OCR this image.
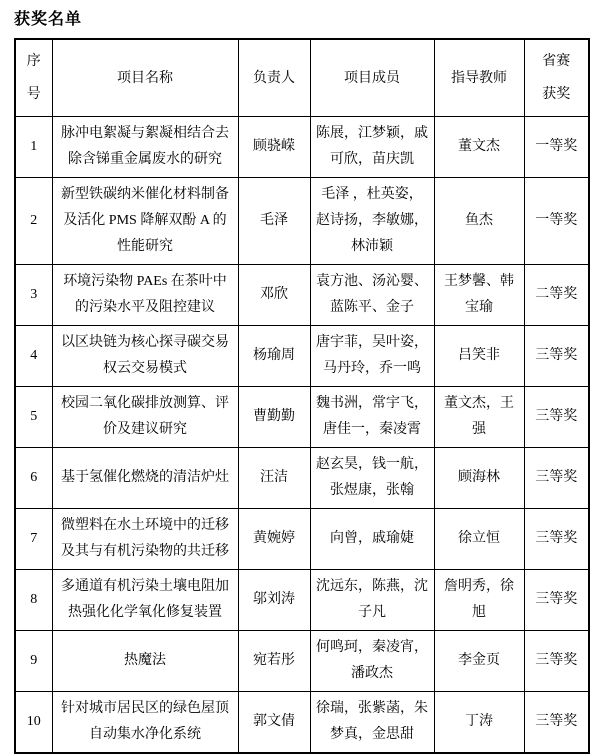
获奖名单
序号	项目名称	负责人	项目成员	指导教师	省赛获奖
1	脉冲电絮凝与絮凝相结合去除含锑重金属废水的研究	顾骁嵘	陈展，江梦颖，戚可欣，苗庆凯	董文杰	一等奖
2	新型铁碳纳米催化材料制备及活化 PMS 降解双酚 A 的性能研究	毛泽	毛泽 ，杜英姿，赵诗扬，李敏娜，林沛颖	鱼杰	一等奖
3	环境污染物 PAEs 在茶叶中的污染水平及阻控建议	邓欣	袁方池、汤沁婴、蓝陈平、金子	王梦馨、韩宝瑜	二等奖
4	以区块链为核心探寻碳交易权云交易模式	杨瑜周	唐宇菲，吴叶姿，马丹玲，乔一鸣	吕笑非	三等奖
5	校园二氧化碳排放测算、评价及建议研究	曹勤勤	魏书洲，常宇飞，唐佳一，秦凌霄	董文杰，王强	三等奖
6	基于氢催化燃烧的清洁炉灶	汪洁	赵玄昊，钱一航，张煜康，张翰	顾海林	三等奖
7	微塑料在水土环境中的迁移及其与有机污染物的共迁移	黄婉婷	向曾，戚瑜婕	徐立恒	三等奖
8	多通道有机污染土壤电阻加热强化化学氧化修复装置	邬刘涛	沈远东，陈燕，沈子凡	詹明秀，徐旭	三等奖
9	热魔法	宛若彤	何鸣珂，秦凌宵，潘政杰	李金页	三等奖
10	针对城市居民区的绿色屋顶自动集水净化系统	郭文倩	徐瑞，张紫菡，朱梦真，金思甜	丁涛	三等奖
